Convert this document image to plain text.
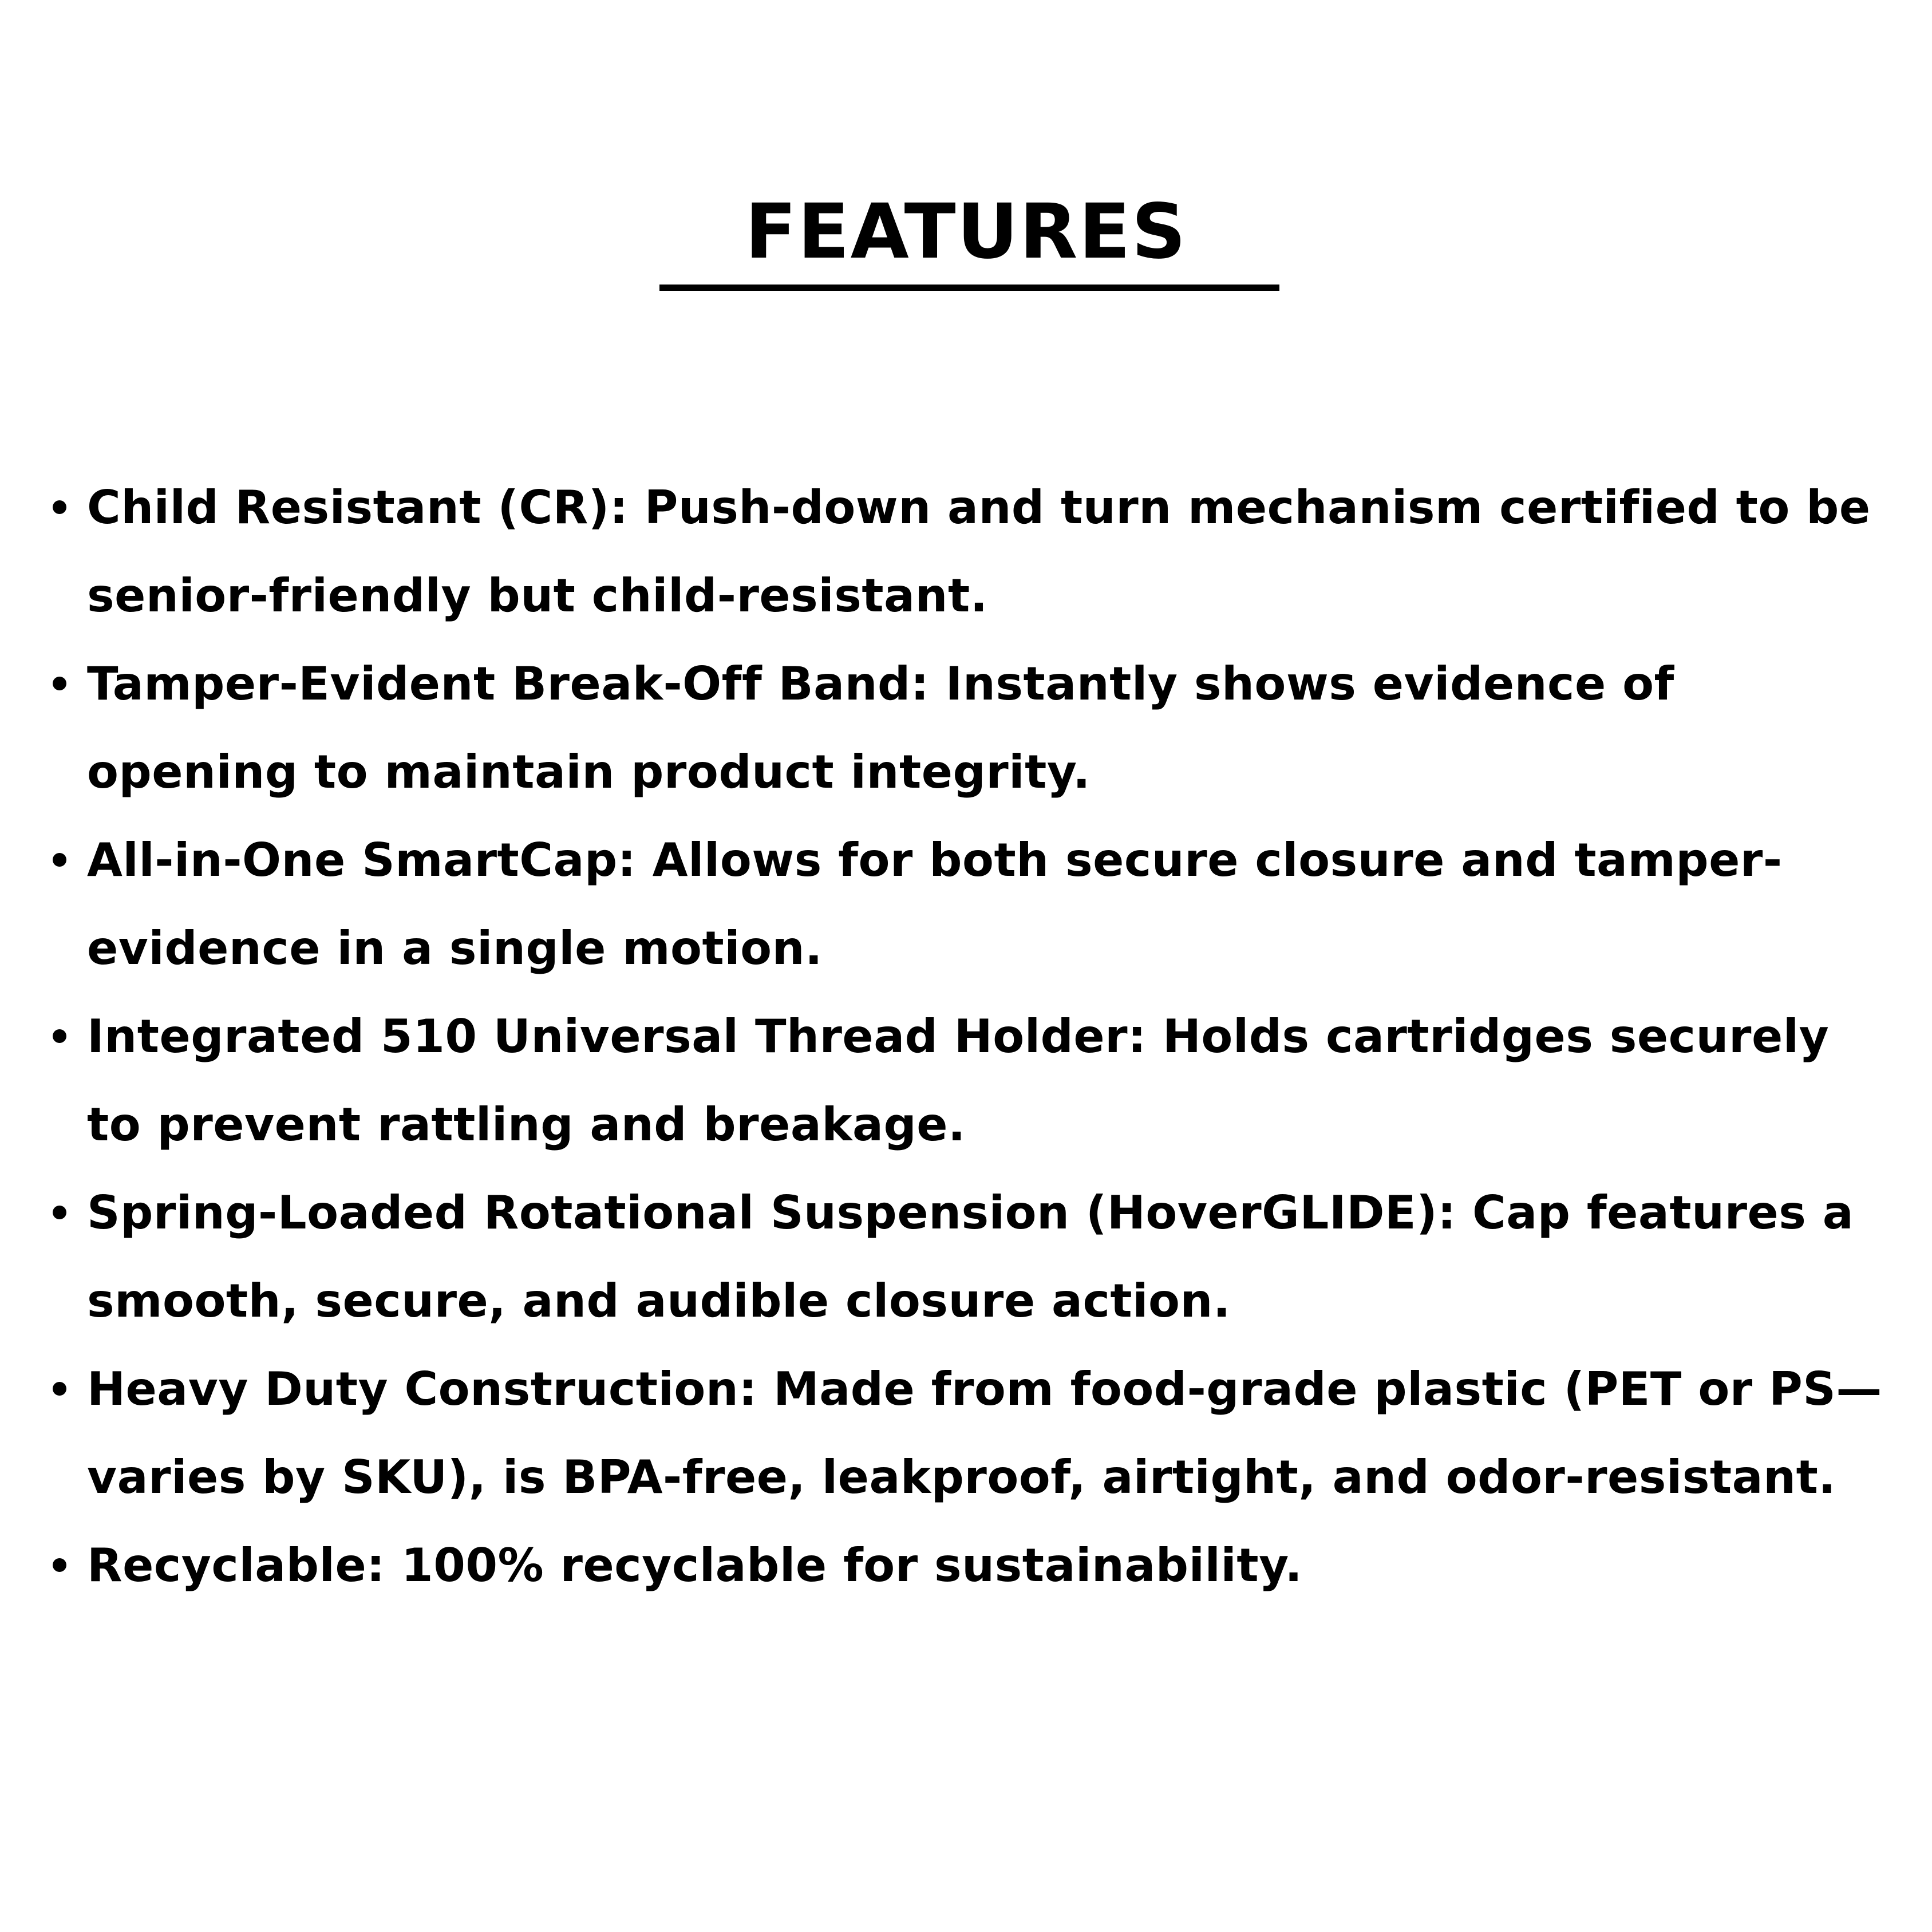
FEATURES
Child Resistant (CR): Push-down and turn mechanism certified to be senior-friendly but child-resistant.
Tamper-Evident Break-Off Band: Instantly shows evidence of opening to maintain product integrity.
All-in-One SmartCap: Allows for both secure closure and tamper-evidence in a single motion.
Integrated 510 Universal Thread Holder: Holds cartridges securely to prevent rattling and breakage.
Spring-Loaded Rotational Suspension (HoverGLIDE): Cap features a smooth, secure, and audible closure action.
Heavy Duty Construction: Made from food-grade plastic (PET or PS—varies by SKU), is BPA-free, leakproof, airtight, and odor-resistant.
Recyclable: 100% recyclable for sustainability.
